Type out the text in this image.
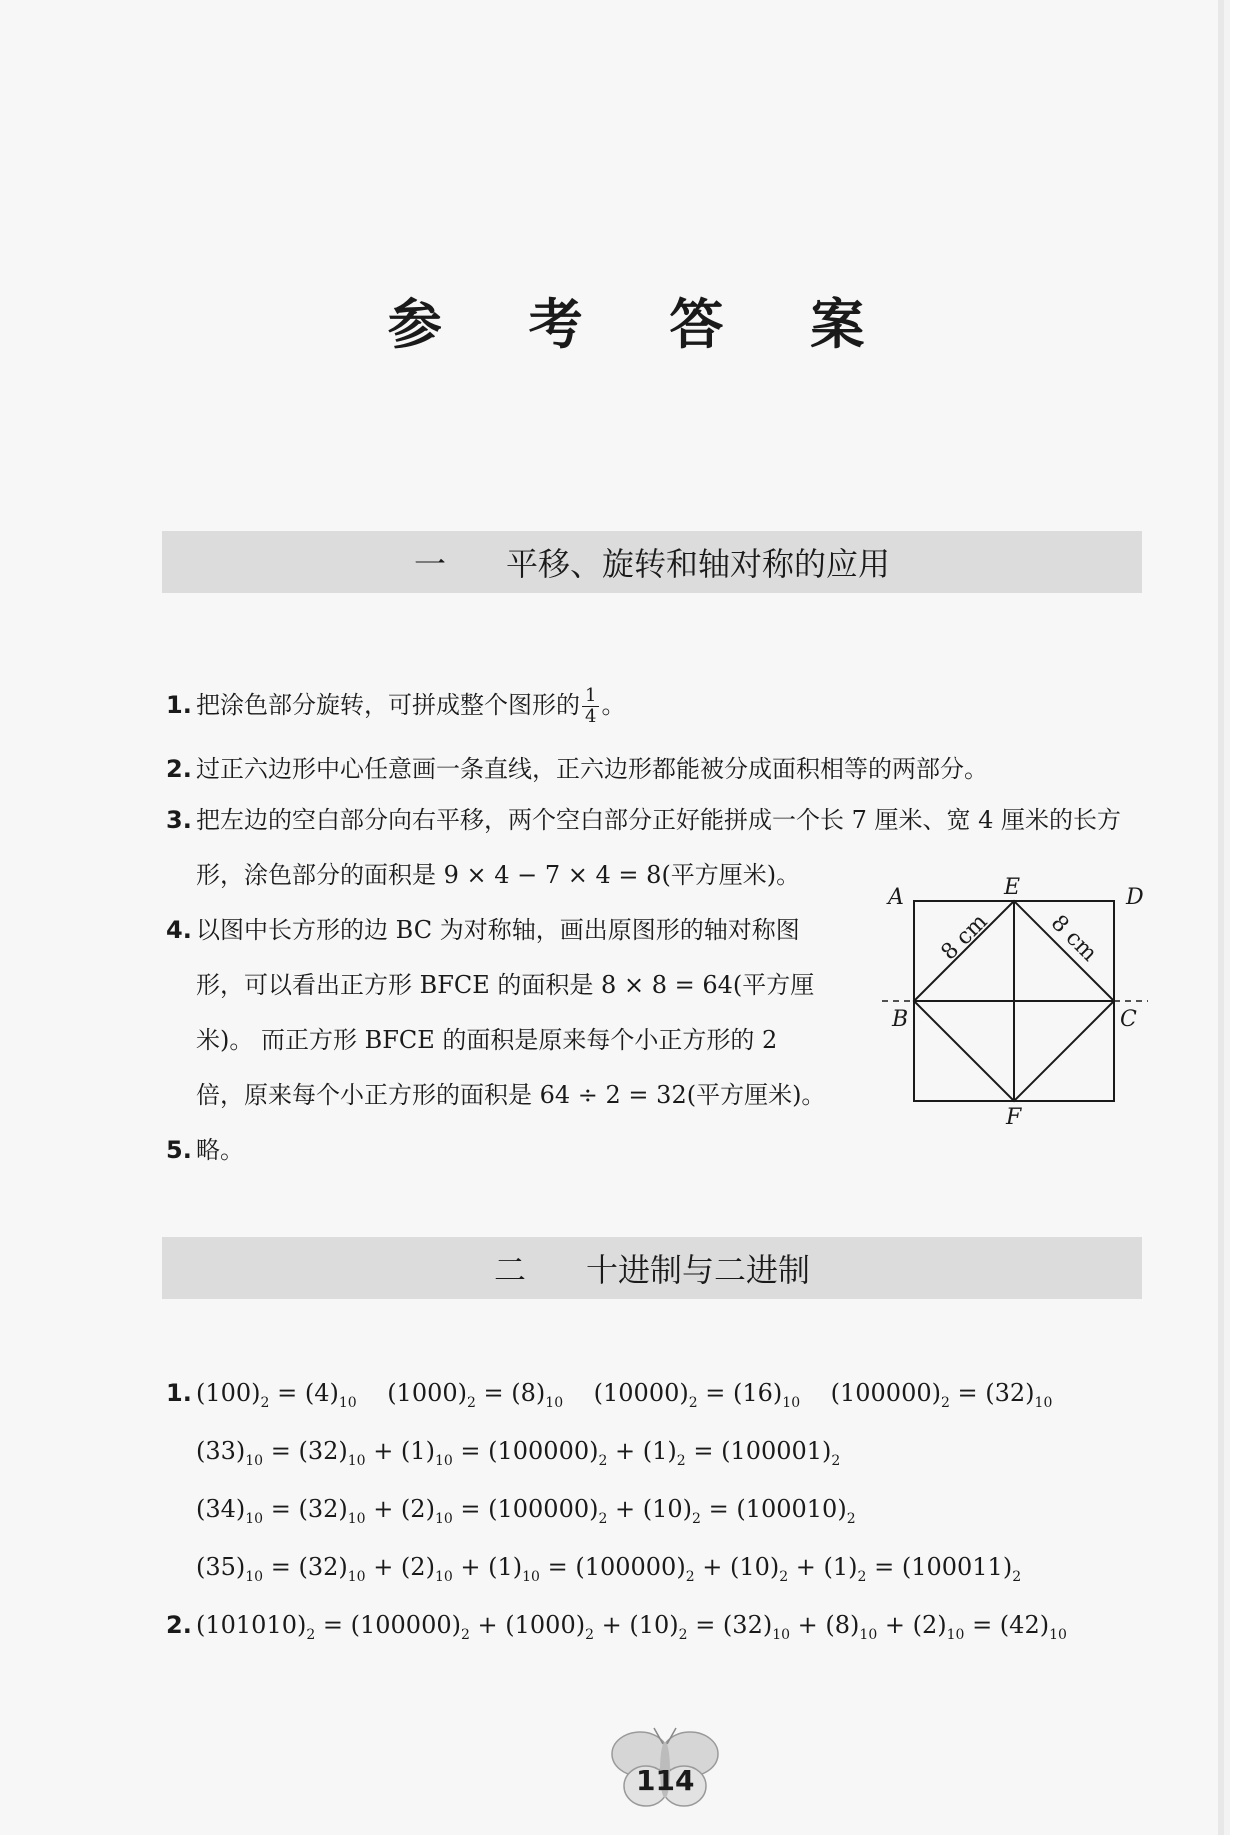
参 考 答 案
一 平移、旋转和轴对称的应用
1. 把涂色部分旋转，可拼成整个图形的 $\frac{1}{4}$ 。
2. 过正六边形中心任意画一条直线，正六边形都能被分成面积相等的两部分。
3. 把左边的空白部分向右平移，两个空白部分正好能拼成一个长 7 厘米、宽 4 厘米的长方
形，涂色部分的面积是 9 × 4 − 7 × 4 = 8(平方厘米)。
4. 以图中长方形的边 BC 为对称轴，画出原图形的轴对称图
形，可以看出正方形 BFCE 的面积是 8 × 8 = 64(平方厘
米)。 而正方形 BFCE 的面积是原来每个小正方形的 2
倍，原来每个小正方形的面积是 64 ÷ 2 = 32(平方厘米)。
5. 略。
A	E	D
B	C
F
8 cm 8 cm
二 十进制与二进制
1. $(100)_2 = (4)_{10}$    $(1000)_2 = (8)_{10}$    $(10000)_2 = (16)_{10}$    $(100000)_2 = (32)_{10}$
$(33)_{10} = (32)_{10} + (1)_{10} = (100000)_2 + (1)_2 = (100001)_2$
$(34)_{10} = (32)_{10} + (2)_{10} = (100000)_2 + (10)_2 = (100010)_2$
$(35)_{10} = (32)_{10} + (2)_{10} + (1)_{10} = (100000)_2 + (10)_2 + (1)_2 = (100011)_2$
2. $(101010)_2 = (100000)_2 + (1000)_2 + (10)_2 = (32)_{10} + (8)_{10} + (2)_{10} = (42)_{10}$
114
